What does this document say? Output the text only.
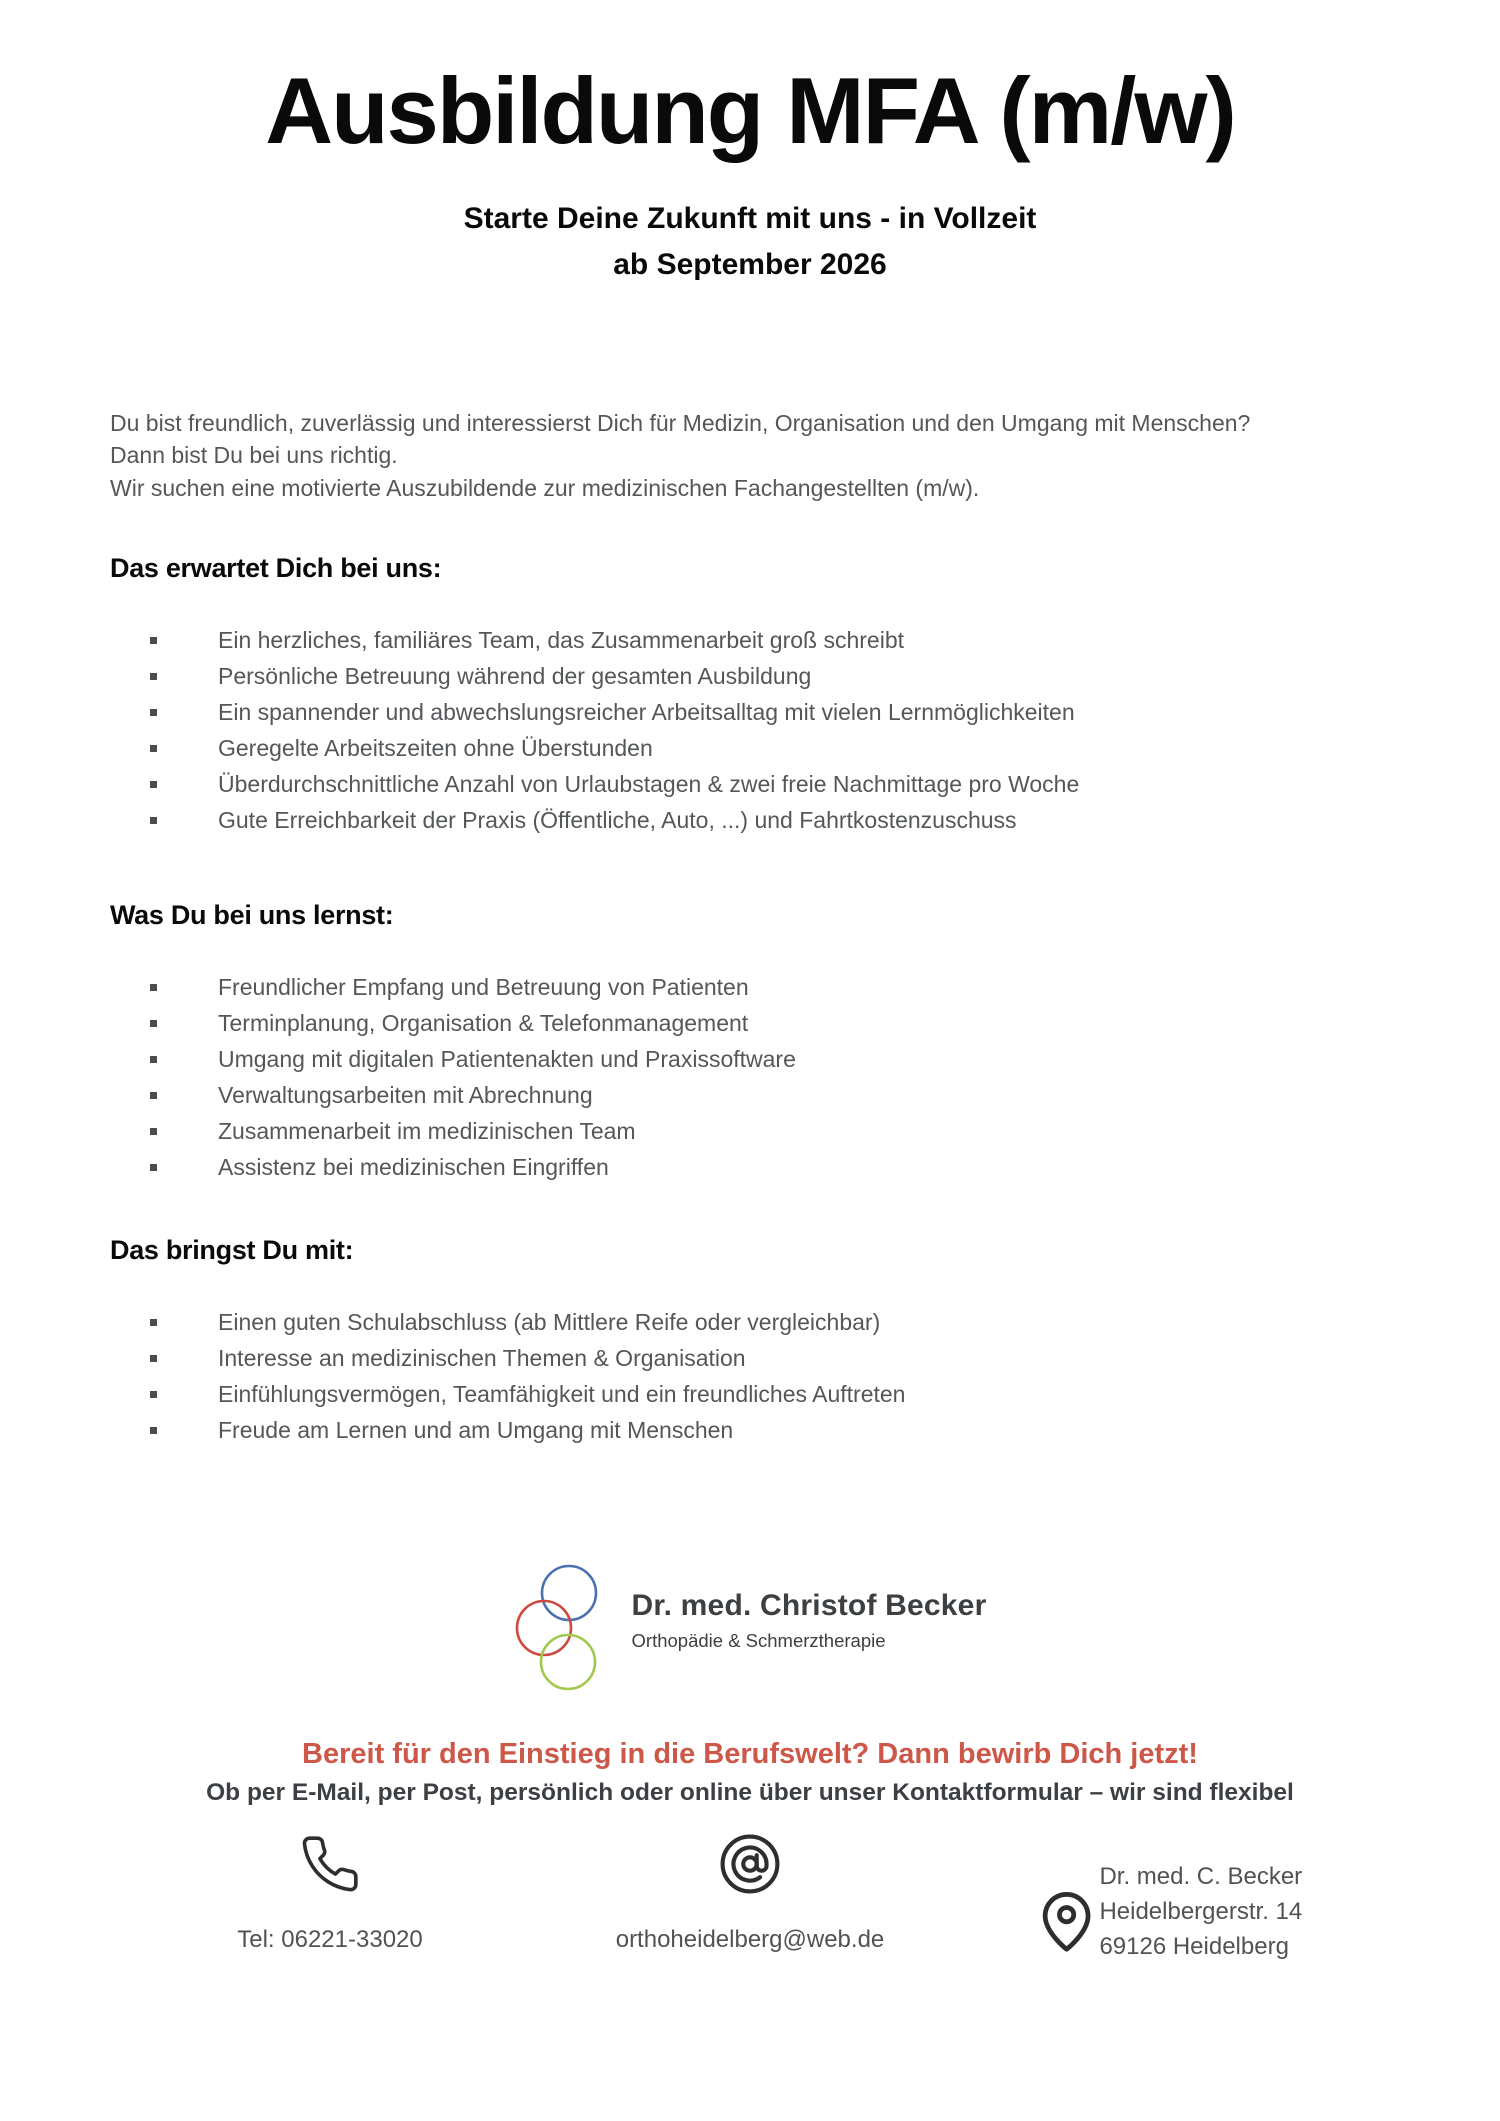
Ausbildung MFA (m/w)
Starte Deine Zukunft mit uns - in Vollzeit
ab September 2026

Du bist freundlich, zuverlässig und interessierst Dich für Medizin, Organisation und den Umgang mit Menschen? Dann bist Du bei uns richtig.

Wir suchen eine motivierte Auszubildende zur medizinischen Fachangestellten (m/w).

Das erwartet Dich bei uns:
Ein herzliches, familiäres Team, das Zusammenarbeit groß schreibt
Persönliche Betreuung während der gesamten Ausbildung
Ein spannender und abwechslungsreicher Arbeitsalltag mit vielen Lernmöglichkeiten
Geregelte Arbeitszeiten ohne Überstunden
Überdurchschnittliche Anzahl von Urlaubstagen & zwei freie Nachmittage pro Woche
Gute Erreichbarkeit der Praxis (Öffentliche, Auto, ...) und Fahrtkostenzuschuss
Was Du bei uns lernst:
Freundlicher Empfang und Betreuung von Patienten
Terminplanung, Organisation & Telefonmanagement
Umgang mit digitalen Patientenakten und Praxissoftware
Verwaltungsarbeiten mit Abrechnung
Zusammenarbeit im medizinischen Team
Assistenz bei medizinischen Eingriffen
Das bringst Du mit:
Einen guten Schulabschluss (ab Mittlere Reife oder vergleichbar)
Interesse an medizinischen Themen & Organisation
Einfühlungsvermögen, Teamfähigkeit und ein freundliches Auftreten
Freude am Lernen und am Umgang mit Menschen
Dr. med. Christof Becker
Orthopädie & Schmerztherapie
Bereit für den Einstieg in die Berufswelt? Dann bewirb Dich jetzt!
Ob per E-Mail, per Post, persönlich oder online über unser Kontaktformular – wir sind flexibel
Tel: 06221-33020	orthoheidelberg@web.de

Dr. med. C. Becker
Heidelbergerstr. 14
69126 Heidelberg
